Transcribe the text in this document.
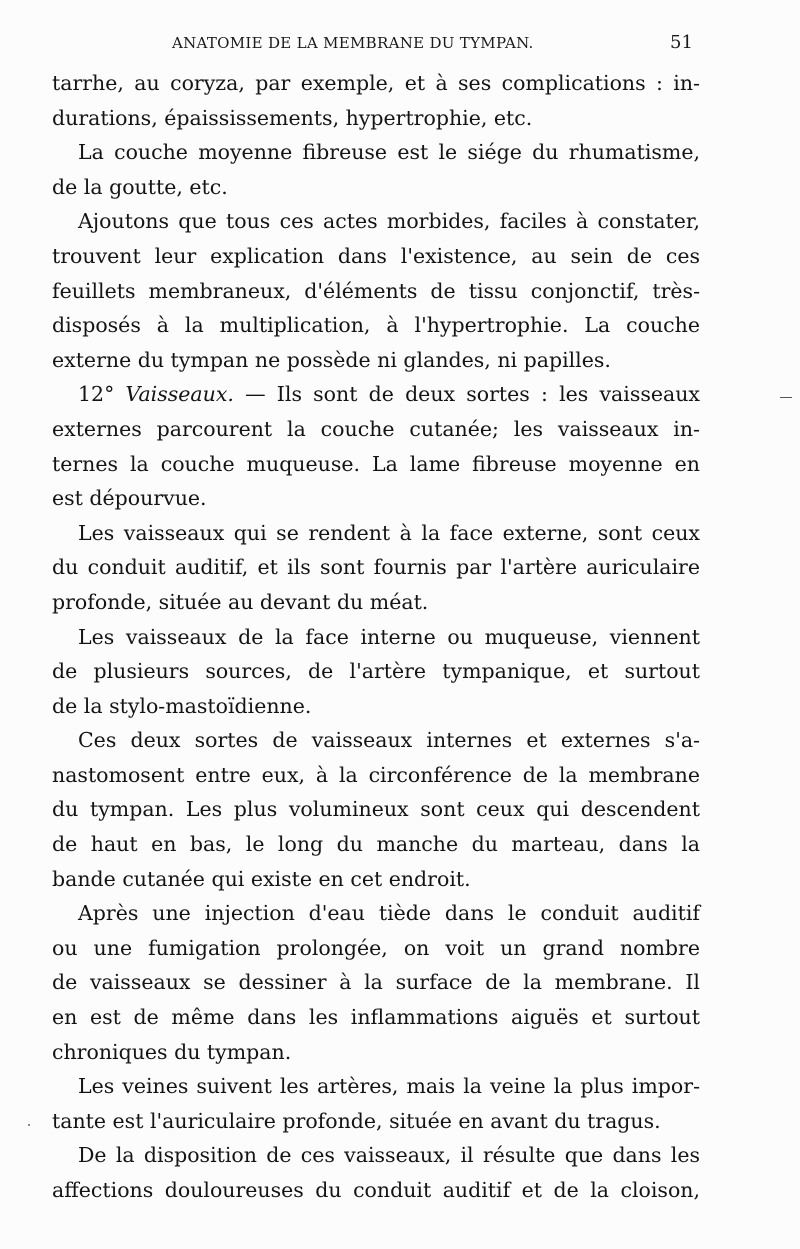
ANATOMIE DE LA MEMBRANE DU TYMPAN.	51

tarrhe, au coryza, par exemple, et à ses complications : in-

durations, épaississements, hypertrophie, etc.

La couche moyenne fibreuse est le siége du rhumatisme,

de la goutte, etc.

Ajoutons que tous ces actes morbides, faciles à constater,

trouvent leur explication dans l'existence, au sein de ces

feuillets membraneux, d'éléments de tissu conjonctif, très-

disposés à la multiplication, à l'hypertrophie. La couche

externe du tympan ne possède ni glandes, ni papilles.

12° Vaisseaux. — Ils sont de deux sortes : les vaisseaux

externes parcourent la couche cutanée; les vaisseaux in-

ternes la couche muqueuse. La lame fibreuse moyenne en

est dépourvue.

Les vaisseaux qui se rendent à la face externe, sont ceux

du conduit auditif, et ils sont fournis par l'artère auriculaire

profonde, située au devant du méat.

Les vaisseaux de la face interne ou muqueuse, viennent

de plusieurs sources, de l'artère tympanique, et surtout

de la stylo-mastoïdienne.

Ces deux sortes de vaisseaux internes et externes s'a-

nastomosent entre eux, à la circonférence de la membrane

du tympan. Les plus volumineux sont ceux qui descendent

de haut en bas, le long du manche du marteau, dans la

bande cutanée qui existe en cet endroit.

Après une injection d'eau tiède dans le conduit auditif

ou une fumigation prolongée, on voit un grand nombre

de vaisseaux se dessiner à la surface de la membrane. Il

en est de même dans les inflammations aiguës et surtout

chroniques du tympan.

Les veines suivent les artères, mais la veine la plus impor-

tante est l'auriculaire profonde, située en avant du tragus.

De la disposition de ces vaisseaux, il résulte que dans les

affections douloureuses du conduit auditif et de la cloison,
